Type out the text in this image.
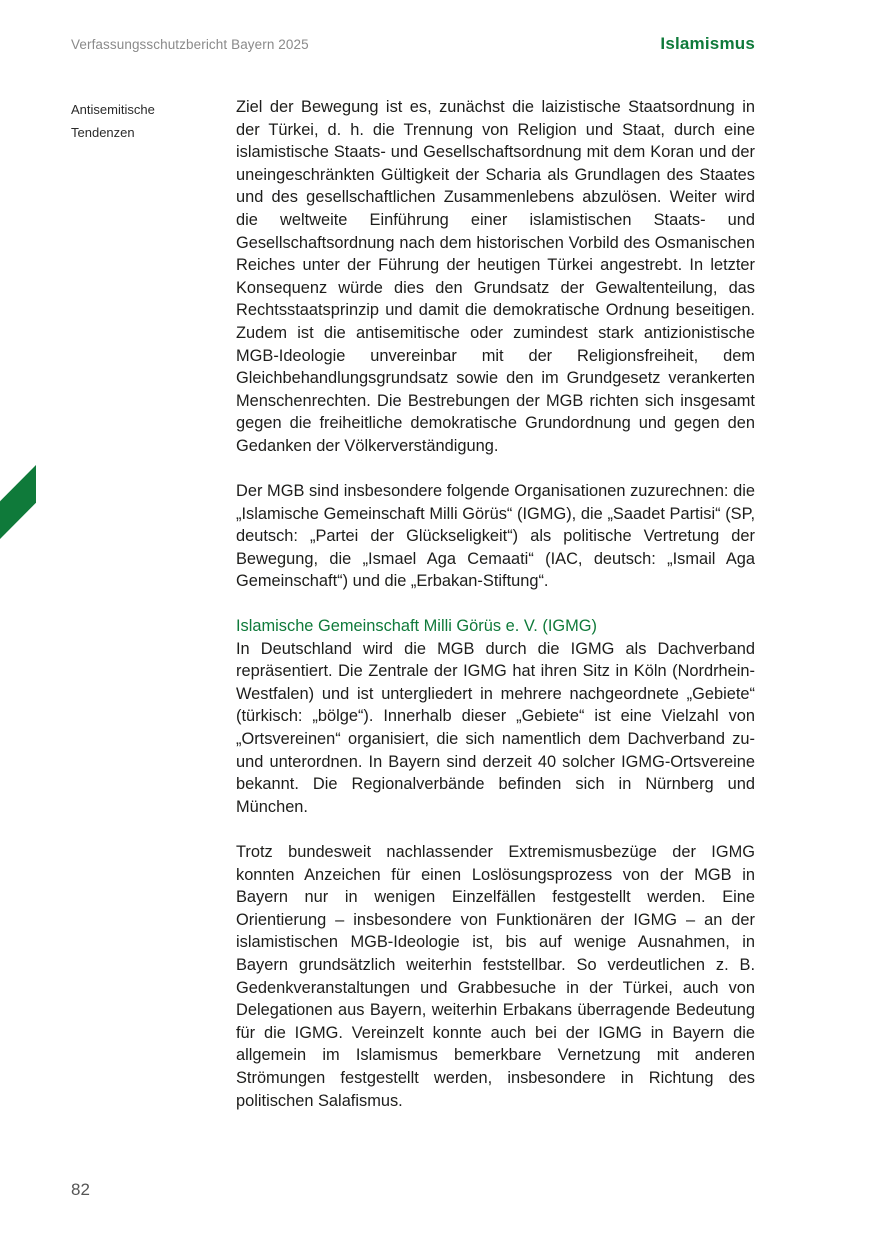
Verfassungsschutzbericht Bayern 2025	Islamismus
Antisemitische
Tendenzen

Ziel der Bewegung ist es, zunächst die laizistische Staatsordnung in der Türkei, d. h. die Trennung von Religion und Staat, durch eine islamistische Staats- und Gesellschaftsordnung mit dem Koran und der uneingeschränkten Gültigkeit der Scharia als Grundlagen des Staates und des gesellschaftlichen Zusammenlebens abzulösen. Weiter wird die weltweite Einführung einer islamistischen Staats- und Gesellschaftsordnung nach dem historischen Vorbild des Osmanischen Reiches unter der Führung der heutigen Türkei angestrebt. In letzter Konsequenz würde dies den Grundsatz der Gewaltenteilung, das Rechtsstaatsprinzip und damit die demokratische Ordnung beseitigen. Zudem ist die antisemitische oder zumindest stark antizionistische MGB-Ideologie unvereinbar mit der Religionsfreiheit, dem Gleichbehandlungsgrundsatz sowie den im Grundgesetz verankerten Menschenrechten. Die Bestrebungen der MGB richten sich insgesamt gegen die freiheitliche demokratische Grundordnung und gegen den Gedanken der Völkerverständigung.

Der MGB sind insbesondere folgende Organisationen zuzurechnen: die „Islamische Gemeinschaft Milli Görüs“ (IGMG), die „Saadet Partisi“ (SP, deutsch: „Partei der Glückseligkeit“) als politische Vertretung der Bewegung, die „Ismael Aga Cemaati“ (IAC, deutsch: „Ismail Aga Gemeinschaft“) und die „Erbakan-Stiftung“.

Islamische Gemeinschaft Milli Görüs e. V. (IGMG)

In Deutschland wird die MGB durch die IGMG als Dachverband repräsentiert. Die Zentrale der IGMG hat ihren Sitz in Köln (Nordrhein-Westfalen) und ist untergliedert in mehrere nachgeordnete „Gebiete“ (türkisch: „bölge“). Innerhalb dieser „Gebiete“ ist eine Vielzahl von „Ortsvereinen“ organisiert, die sich namentlich dem Dachverband zu- und unterordnen. In Bayern sind derzeit 40 solcher IGMG-Ortsvereine bekannt. Die Regionalverbände befinden sich in Nürnberg und München.

Trotz bundesweit nachlassender Extremismusbezüge der IGMG konnten Anzeichen für einen Loslösungsprozess von der MGB in Bayern nur in wenigen Einzelfällen festgestellt werden. Eine Orientierung – insbesondere von Funktionären der IGMG – an der islamistischen MGB-Ideologie ist, bis auf wenige Ausnahmen, in Bayern grundsätzlich weiterhin feststellbar. So verdeutlichen z. B. Gedenkveranstaltungen und Grabbesuche in der Türkei, auch von Delegationen aus Bayern, weiterhin Erbakans überragende Bedeutung für die IGMG. Vereinzelt konnte auch bei der IGMG in Bayern die allgemein im Islamismus bemerkbare Vernetzung mit anderen Strömungen festgestellt werden, insbesondere in Richtung des politischen Salafismus.

82
